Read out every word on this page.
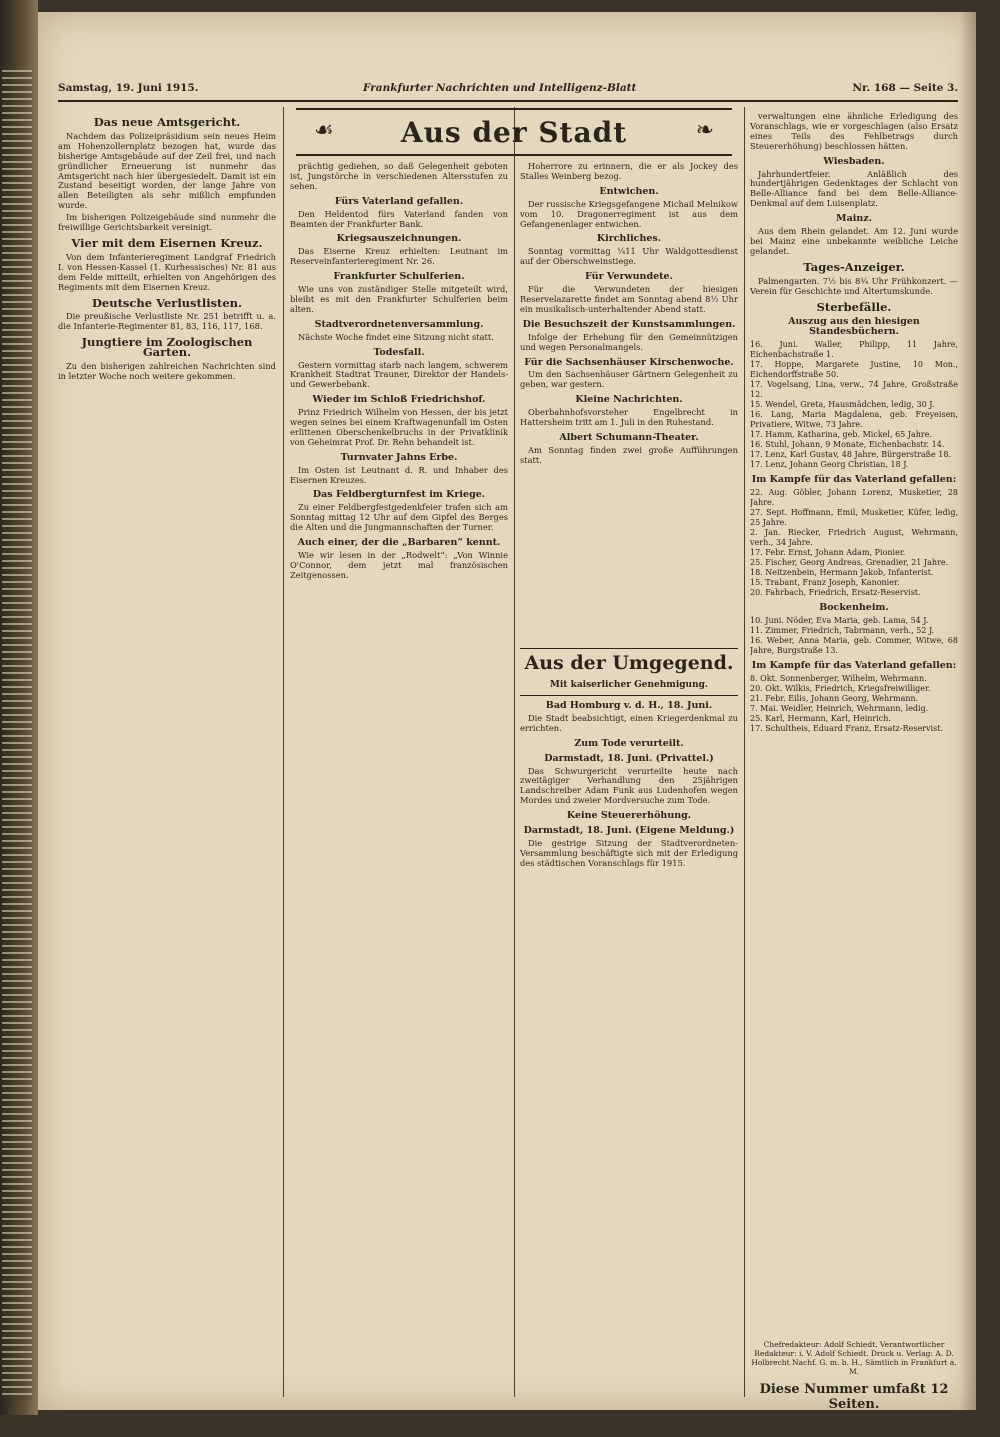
Samstag, 19. Juni 1915.	Frankfurter Nachrichten und Intelligenz-Blatt	Nr. 168 — Seite 3.
☙	Aus der Stadt	❧
Das neue Amtsgericht.

Nachdem das Polizeipräsidium sein neues Heim am Hohenzollernplatz bezogen hat, wurde das bisherige Amtsgebäude auf der Zeil frei, und nach gründlicher Erneuerung ist nunmehr das Amtsgericht nach hier übergesiedelt. Damit ist ein Zustand beseitigt worden, der lange Jahre von allen Beteiligten als sehr mißlich empfunden wurde.

Im bisherigen Polizeigebäude sind nunmehr die freiwillige Gerichtsbarkeit vereinigt.

Vier mit dem Eisernen Kreuz.

Von dem Infanterieregiment Landgraf Friedrich I. von Hessen-Kassel (1. Kurhessisches) Nr. 81 aus dem Felde mitteilt, erhielten von Angehörigen des Regiments mit dem Eisernen Kreuz.

Deutsche Verlustlisten.

Die preußische Verlustliste Nr. 251 betrifft u. a. die Infanterie-Regimenter 81, 83, 116, 117, 168.

Jungtiere im Zoologischen Garten.

Zu den bisherigen zahlreichen Nachrichten sind in letzter Woche noch weitere gekommen.

prächtig gediehen, so daß Gelegenheit geboten ist, Jungstörche in verschiedenen Altersstufen zu sehen.

Fürs Vaterland gefallen.

Den Heldentod fürs Vaterland fanden von Beamten der Frankfurter Bank.

Kriegsauszeichnungen.

Das Eiserne Kreuz erhielten: Leutnant im Reserveinfanterieregiment Nr. 26.

Frankfurter Schulferien.

Wie uns von zuständiger Stelle mitgeteilt wird, bleibt es mit den Frankfurter Schulferien beim alten.

Stadtverordnetenversammlung.

Nächste Woche findet eine Sitzung nicht statt.

Todesfall.

Gestern vormittag starb nach langem, schwerem Krankheit Stadtrat Trauner, Direktor der Handels- und Gewerbebank.

Wieder im Schloß Friedrichshof.

Prinz Friedrich Wilhelm von Hessen, der bis jetzt wegen seines bei einem Kraftwagenunfall im Osten erlittenen Oberschenkelbruchs in der Privatklinik von Geheimrat Prof. Dr. Rehn behandelt ist.

Turnvater Jahns Erbe.

Im Osten ist Leutnant d. R. und Inhaber des Eisernen Kreuzes.

Das Feldbergturnfest im Kriege.

Zu einer Feldbergfestgedenkfeier trafen sich am Sonntag mittag 12 Uhr auf dem Gipfel des Berges die Alten und die Jungmannschaften der Turner.

Auch einer, der die „Barbaren“ kennt.

Wie wir lesen in der „Rodwelt“: „Von Winnie O'Connor, dem jetzt mal französischen Zeitgenossen.

Hoherrore zu erinnern, die er als Jockey des Stalles Weinberg bezog.

Entwichen.

Der russische Kriegsgefangene Michail Melnikow vom 10. Dragonerregiment ist aus dem Gefangenenlager entwichen.

Kirchliches.

Sonntag vormittag ¼11 Uhr Waldgottesdienst auf der Oberschweinstiege.

Für Verwundete.

Für die Verwundeten der hiesigen Reservelazarette findet am Sonntag abend 8½ Uhr ein musikalisch-unterhaltender Abend statt.

Die Besuchszeit der Kunstsammlungen.

Infolge der Erhebung für den Gemeinnützigen und wegen Personalmangels.

Für die Sachsenhäuser Kirschenwoche.

Um den Sachsenhäuser Gärtnern Gelegenheit zu geben, war gestern.

Kleine Nachrichten.

Oberbahnhofsvorsteher Engelbrecht in Hattersheim tritt am 1. Juli in den Ruhestand.

Albert Schumann-Theater.

Am Sonntag finden zwei große Aufführungen statt.

Aus der Umgegend.
Mit kaiserlicher Genehmigung.
Bad Homburg v. d. H., 18. Juni.

Die Stadt beabsichtigt, einen Kriegerdenkmal zu errichten.

Zum Tode verurteilt.
Darmstadt, 18. Juni. (Privattel.)

Das Schwurgericht verurteilte heute nach zweitägiger Verhandlung den 25jährigen Landschreiber Adam Funk aus Ludenhofen wegen Mordes und zweier Mordversuche zum Tode.

Keine Steuererhöhung.
Darmstadt, 18. Juni. (Eigene Meldung.)

Die gestrige Sitzung der Stadtverordneten-Versammlung beschäftigte sich mit der Erledigung des städtischen Voranschlags für 1915.

verwaltungen eine ähnliche Erledigung des Voranschlags, wie er vorgeschlagen (also Ersatz eines Teils des Fehlbetrags durch Steuererhöhung) beschlossen hätten.

Wiesbaden.

Jahrhundertfeier. Anläßlich des hundertjährigen Gedenktages der Schlacht von Belle-Alliance fand bei dem Belle-Alliance-Denkmal auf dem Luisenplatz.

Mainz.

Aus dem Rhein gelandet. Am 12. Juni wurde bei Mainz eine unbekannte weibliche Leiche gelandet.

Tages-Anzeiger.

Palmengarten. 7½ bis 8¾ Uhr Frühkonzert. — Verein für Geschichte und Altertumskunde.

Sterbefälle.
Auszug aus den hiesigen Standesbüchern.
16. Juni. Waller, Philipp, 11 Jahre, Eichenbachstraße 1.
17. Hoppe, Margarete Justine, 10 Mon., Eichendorffstraße 50.
17. Vogelsang, Lina, verw., 74 Jahre, Großstraße 12.
15. Wendel, Greta, Hausmädchen, ledig, 30 J.
16. Lang, Maria Magdalena, geb. Freyeisen, Privatiere, Witwe, 73 Jahre.
17. Hamm, Katharina, geb. Mickel, 65 Jahre.
16. Stuhl, Johann, 9 Monate, Eichenbachstr. 14.
17. Lenz, Karl Gustav, 48 Jahre, Bürgerstraße 18.
17. Lenz, Johann Georg Christian, 18 J.
Im Kampfe für das Vaterland gefallen:
22. Aug. Göbler, Johann Lorenz, Musketier, 28 Jahre.
27. Sept. Hoffmann, Emil, Musketier, Küfer, ledig, 25 Jahre.
2. Jan. Riecker, Friedrich August, Wehrmann, verh., 34 Jahre.
17. Febr. Ernst, Johann Adam, Pionier.
25. Fischer, Georg Andreas, Grenadier, 21 Jahre.
18. Neitzenbein, Hermann Jakob, Infanterist.
15. Trabant, Franz Joseph, Kanonier.
20. Fahrbach, Friedrich, Ersatz-Reservist.
Bockenheim.
10. Juni. Nöder, Eva Maria, geb. Lama, 54 J.
11. Zimmer, Friedrich, Tabrmann, verh., 52 J.
16. Weber, Anna Maria, geb. Commer, Witwe, 68 Jahre, Burgstraße 13.
Im Kampfe für das Vaterland gefallen:
8. Okt. Sonnenberger, Wilhelm, Wehrmann.
20. Okt. Wilkis, Friedrich, Kriegsfreiwilliger.
21. Febr. Eilis, Johann Georg, Wehrmann.
7. Mai. Weidler, Heinrich, Wehrmann, ledig.
25. Karl, Hermann, Karl, Heinrich.
17. Schultheis, Eduard Franz, Ersatz-Reservist.
Chefredakteur: Adolf Schiedt. Verantwortlicher Redakteur: i. V. Adolf Schiedt. Druck u. Verlag: A. D. Holbrecht Nachf. G. m. b. H., Sämtlich in Frankfurt a. M.
Diese Nummer umfaßt 12 Seiten.
